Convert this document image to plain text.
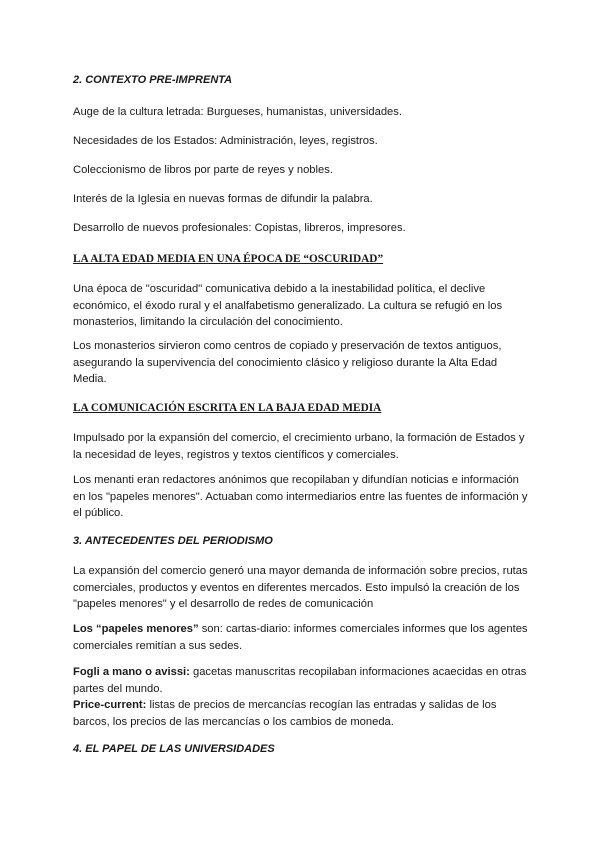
2. CONTEXTO PRE-IMPRENTA

Auge de la cultura letrada: Burgueses, humanistas, universidades.

Necesidades de los Estados: Administración, leyes, registros.

Coleccionismo de libros por parte de reyes y nobles.

Interés de la Iglesia en nuevas formas de difundir la palabra.

Desarrollo de nuevos profesionales: Copistas, libreros, impresores.

LA ALTA EDAD MEDIA EN UNA ÉPOCA DE “OSCURIDAD”

Una época de "oscuridad" comunicativa debido a la inestabilidad política, el declive económico, el éxodo rural y el analfabetismo generalizado. La cultura se refugió en los monasterios, limitando la circulación del conocimiento.

Los monasterios sirvieron como centros de copiado y preservación de textos antiguos, asegurando la supervivencia del conocimiento clásico y religioso durante la Alta Edad Media.

LA COMUNICACIÓN ESCRITA EN LA BAJA EDAD MEDIA

Impulsado por la expansión del comercio, el crecimiento urbano, la formación de Estados y la necesidad de leyes, registros y textos científicos y comerciales.

Los menanti eran redactores anónimos que recopilaban y difundían noticias e información en los "papeles menores". Actuaban como intermediarios entre las fuentes de información y el público.

3. ANTECEDENTES DEL PERIODISMO

La expansión del comercio generó una mayor demanda de información sobre precios, rutas comerciales, productos y eventos en diferentes mercados. Esto impulsó la creación de los "papeles menores" y el desarrollo de redes de comunicación

Los “papeles menores” son: cartas-diario: informes comerciales informes que los agentes comerciales remitían a sus sedes.

Fogli a mano o avissi: gacetas manuscritas recopilaban informaciones acaecidas en otras partes del mundo.

Price-current: listas de precios de mercancías recogían las entradas y salidas de los barcos, los precios de las mercancías o los cambios de moneda.

4. EL PAPEL DE LAS UNIVERSIDADES
